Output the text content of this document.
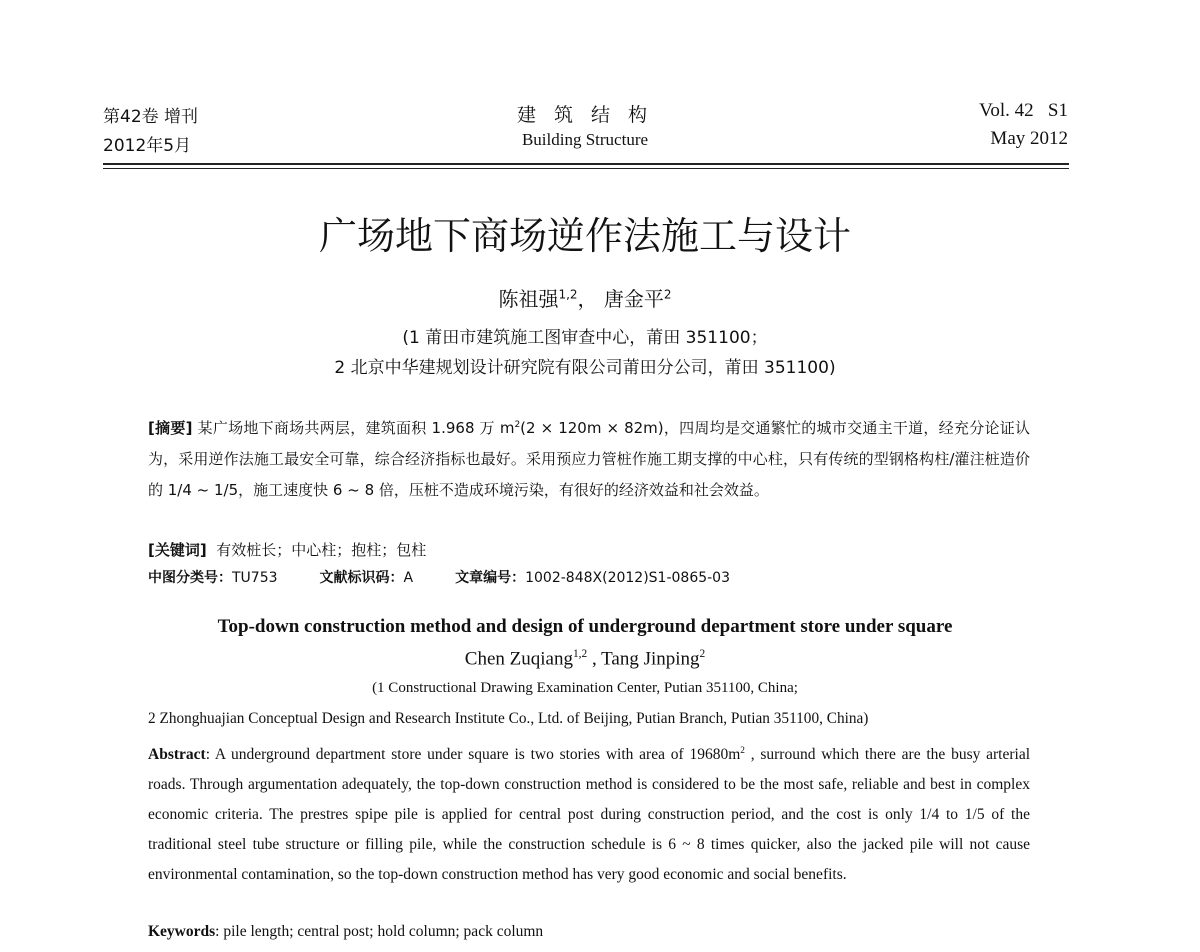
第42卷 增刊
2012年5月
建 筑 结 构
Building Structure
Vol. 42   S1
May 2012
广场地下商场逆作法施工与设计
陈祖强$^{1,2}$， 唐金平$^2$
(1 莆田市建筑施工图审查中心，莆田 351100；
2 北京中华建规划设计研究院有限公司莆田分公司，莆田 351100)
[摘要] 某广场地下商场共两层，建筑面积 1.968 万 $m^2(2 \times 120m \times 82m)$，四周均是交通繁忙的城市交通主干道，经充分论证认为，采用逆作法施工最安全可靠，综合经济指标也最好。采用预应力管桩作施工期支撑的中心柱，只有传统的型钢格构柱/灌注桩造价的 1/4 ~ 1/5，施工速度快 6 ~ 8 倍，压桩不造成环境污染，有很好的经济效益和社会效益。
[关键词]  有效桩长；中心柱；抱柱；包柱
中图分类号：TU753	文献标识码：A	文章编号：1002-848X(2012)S1-0865-03
Top-down construction method and design of underground department store under square
Chen Zuqiang$^{1,2}$ , Tang Jinping$^2$
(1 Constructional Drawing Examination Center, Putian 351100, China;
2 Zhonghuajian Conceptual Design and Research Institute Co., Ltd. of Beijing, Putian Branch, Putian 351100, China)
Abstract: A underground department store under square is two stories with area of $19680m^2$ , surround which there are the busy arterial roads. Through argumentation adequately, the top-down construction method is considered to be the most safe, reliable and best in complex economic criteria. The prestres spipe pile is applied for central post during construction period, and the cost is only 1/4 to 1/5 of the traditional steel tube structure or filling pile, while the construction schedule is 6 ~ 8 times quicker, also the jacked pile will not cause environmental contamination, so the top-down construction method has very good economic and social benefits.
Keywords: pile length; central post; hold column; pack column
